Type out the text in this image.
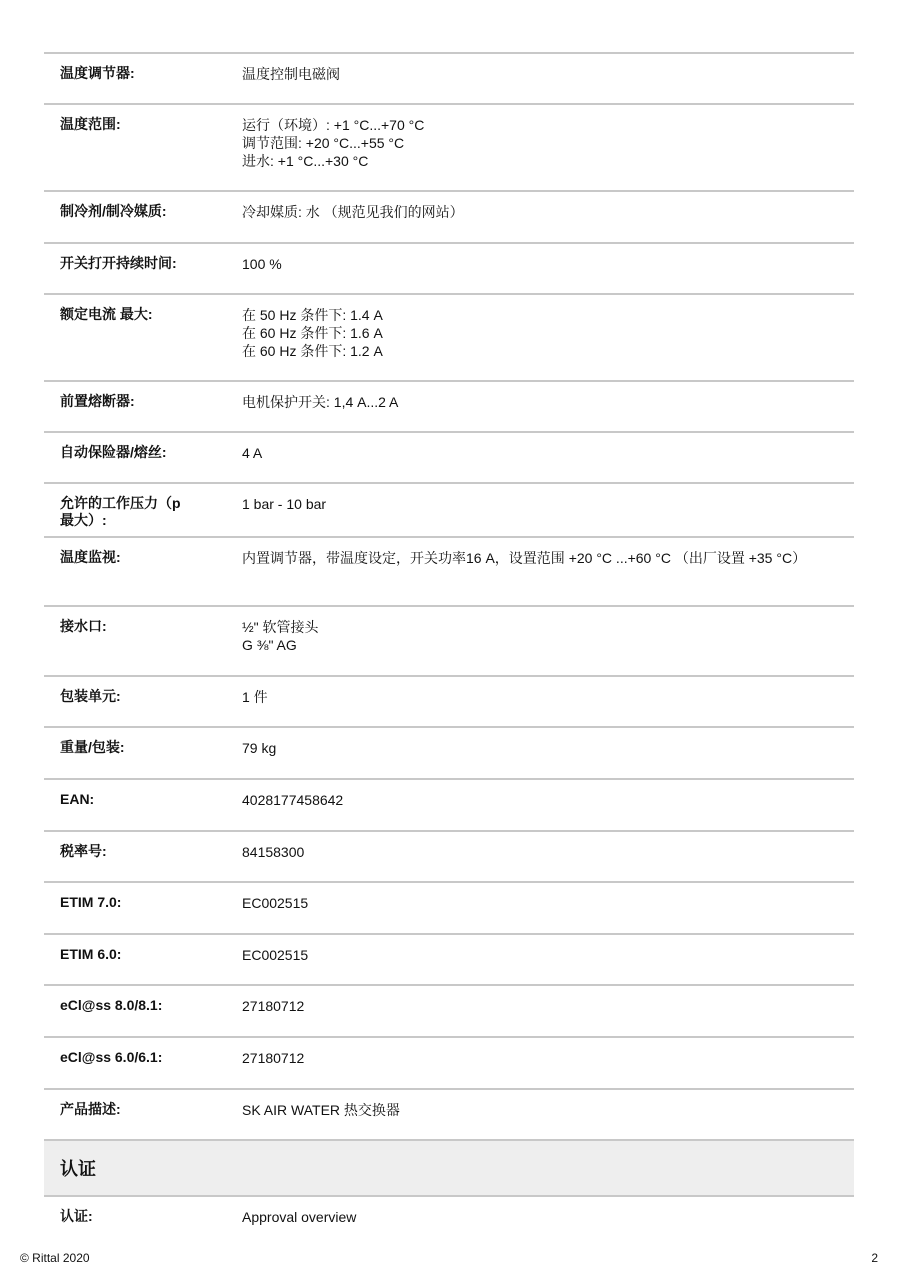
温度调节器:	温度控制电磁阀
温度范围:	运行（环境）: +1 °C...+70 °C
调节范围: +20 °C...+55 °C
进水: +1 °C...+30 °C
制冷剂/制冷媒质:	冷却媒质: 水 （规范见我们的网站）
开关打开持续时间:	100 %
额定电流 最大:	在 50 Hz 条件下: 1.4 A
在 60 Hz 条件下: 1.6 A
在 60 Hz 条件下: 1.2 A
前置熔断器:	电机保护开关: 1,4 A...2 A
自动保险器/熔丝:	4 A
允许的工作压力（p 最大）:
1 bar - 10 bar
温度监视:	内置调节器，带温度设定，开关功率16 A，设置范围 +20 °C ...+60 °C （出厂设置 +35 °C）
接水口:	½" 软管接头
G ⅜" AG
包装单元:	1 件
重量/包装:	79 kg
EAN:	4028177458642
税率号:	84158300
ETIM 7.0:	EC002515
ETIM 6.0:	EC002515
eCl@ss 8.0/8.1:	27180712
eCl@ss 6.0/6.1:	27180712
产品描述:	SK AIR WATER 热交换器
认证
认证:	Approval overview
© Rittal 2020	2
